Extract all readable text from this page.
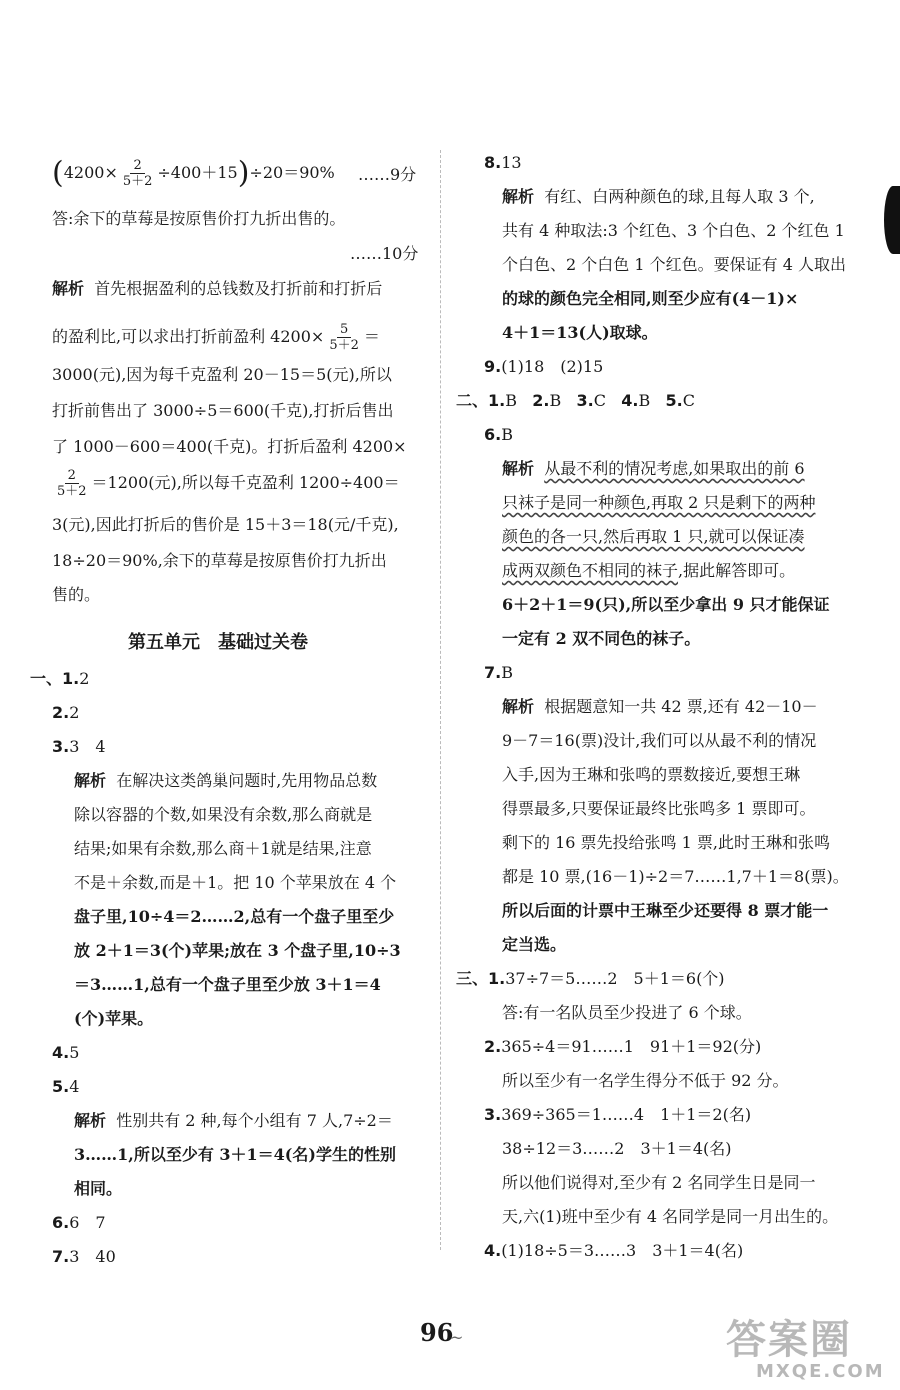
$(4200\times \frac{2}{5+2} \div 400+15)\div 20=90\%$ ……9分
答:余下的草莓是按原售价打九折出售的。
……10分
解析 首先根据盈利的总钱数及打折前和打折后
的盈利比,可以求出打折前盈利 $4200\times \frac{5}{5+2}$ ＝
3000(元),因为每千克盈利 20－15＝5(元),所以
打折前售出了 3000÷5＝600(千克),打折后售出
了 1000－600＝400(千克)。打折后盈利 4200×
$\frac{2}{5+2} =1200$(元),所以每千克盈利 1200÷400＝
3(元),因此打折后的售价是 15＋3＝18(元/千克),
18÷20＝90%,余下的草莓是按原售价打九折出
售的。
第五单元　基础过关卷
一、1.2
2.2
3.3　4
解析 在解决这类鸽巢问题时,先用物品总数
除以容器的个数,如果没有余数,那么商就是
结果;如果有余数,那么商＋1就是结果,注意
不是＋余数,而是＋1。把 10 个苹果放在 4 个
盘子里,10÷4＝2……2,总有一个盘子里至少
放 2＋1＝3(个)苹果;放在 3 个盘子里,10÷3
＝3……1,总有一个盘子里至少放 3＋1＝4
(个)苹果。
4.5
5.4
解析 性别共有 2 种,每个小组有 7 人,7÷2＝
3……1,所以至少有 3＋1＝4(名)学生的性别
相同。
6.6　7
7.3　40
8.13
解析 有红、白两种颜色的球,且每人取 3 个,
共有 4 种取法:3 个红色、3 个白色、2 个红色 1
个白色、2 个白色 1 个红色。要保证有 4 人取出
的球的颜色完全相同,则至少应有(4－1)×
4＋1＝13(人)取球。
9.(1)18　(2)15
二、1.B 2.B 3.C 4.B 5.C
6.B
解析 从最不利的情况考虑,如果取出的前 6
只袜子是同一种颜色,再取 2 只是剩下的两种
颜色的各一只,然后再取 1 只,就可以保证凑
成两双颜色不相同的袜子,据此解答即可。
6＋2＋1＝9(只),所以至少拿出 9 只才能保证
一定有 2 双不同色的袜子。
7.B
解析 根据题意知一共 42 票,还有 42－10－
9－7＝16(票)没计,我们可以从最不利的情况
入手,因为王琳和张鸣的票数接近,要想王琳
得票最多,只要保证最终比张鸣多 1 票即可。
剩下的 16 票先投给张鸣 1 票,此时王琳和张鸣
都是 10 票,(16－1)÷2＝7……1,7＋1＝8(票)。
所以后面的计票中王琳至少还要得 8 票才能一
定当选。
三、1.37÷7＝5……2　5＋1＝6(个)
答:有一名队员至少投进了 6 个球。
2.365÷4＝91……1　91＋1＝92(分)
所以至少有一名学生得分不低于 92 分。
3.369÷365＝1……4　1＋1＝2(名)
38÷12＝3……2　3＋1＝4(名)
所以他们说得对,至少有 2 名同学生日是同一
天,六(1)班中至少有 4 名同学是同一月出生的。
4.(1)18÷5＝3……3　3＋1＝4(名)
96
~	答案圈
MXQE.COM
